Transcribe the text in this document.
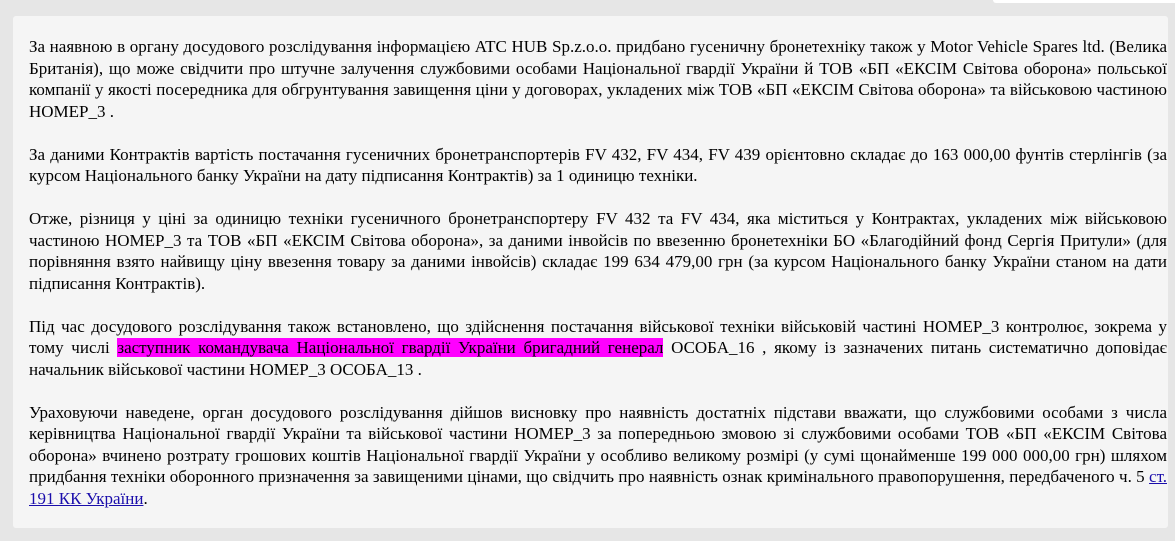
За наявною в органу досудового розслідування інформацією ATC HUB Sp.z.o.o. придбано гусеничну бронетехніку також у Motor Vehicle Spares ltd. (Велика Британія), що може свідчити про штучне залучення службовими особами Національної гвардії України й ТОВ «БП «ЕКСІМ Світова оборона» польської компанії у якості посередника для обгрунтування завищення ціни у договорах, укладених між ТОВ «БП «ЕКСІМ Світова оборона» та військовою частиною НОМЕР_3 .

За даними Контрактів вартість постачання гусеничних бронетранспортерів FV 432, FV 434, FV 439 орієнтовно складає до 163 000,00 фунтів стерлінгів (за курсом Національного банку України на дату підписання Контрактів) за 1 одиницю техніки.

Отже, різниця у ціні за одиницю техніки гусеничного бронетранспортеру FV 432 та FV 434, яка міститься у Контрактах, укладених між військовою частиною НОМЕР_3 та ТОВ «БП «ЕКСІМ Світова оборона», за даними інвойсів по ввезенню бронетехніки БО «Благодійний фонд Сергія Притули» (для порівняння взято найвищу ціну ввезення товару за даними інвойсів) складає 199 634 479,00 грн (за курсом Національного банку України станом на дати підписання Контрактів).

Під час досудового розслідування також встановлено, що здійснення постачання військової техніки військовій частині НОМЕР_3 контролює, зокрема у тому числі заступник командувача Національної гвардії України бригадний генерал ОСОБА_16 , якому із зазначених питань систематично доповідає начальник військової частини НОМЕР_3 ОСОБА_13 .

Ураховуючи наведене, орган досудового розслідування дійшов висновку про наявність достатніх підстави вважати, що службовими особами з числа керівництва Національної гвардії України та військової частини НОМЕР_3 за попередньою змовою зі службовими особами ТОВ «БП «ЕКСІМ Світова оборона» вчинено розтрату грошових коштів Національної гвардії України у особливо великому розмірі (у сумі щонайменше 199 000 000,00 грн) шляхом придбання техніки оборонного призначення за завищеними цінами, що свідчить про наявність ознак кримінального правопорушення, передбаченого ч. 5 ст. 191 КК України.
